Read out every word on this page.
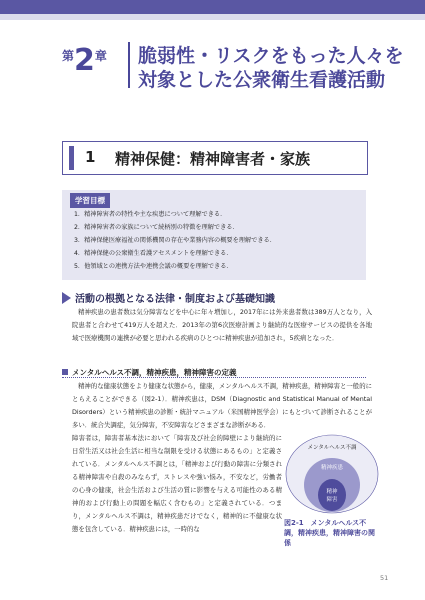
$^第2^章$ 脆弱性・リスクをもった人々を
対象とした公衆衛生看護活動
1 精神保健：精神障害者・家族
学習目標
1．精神障害者の特性や主な疾患について理解できる．
2．精神障害者の家族について続柄別の特徴を理解できる．
3．精神保健医療福祉の関係機関の存在や業務内容の概要を理解できる．
4．精神保健の公衆衛生看護アセスメントを理解できる．
5．他領域との連携方法や連携会議の概要を理解できる．
活動の根拠となる法律・制度および基礎知識
精神疾患の患者数は気分障害などを中心に年々増加し，2017年には外来患者数は389万人となり，入院患者と合わせて419万人を超えた．2013年の第6次医療計画より継続的な医療サービスの提供を各地域で医療機関の連携が必要と思われる疾病のひとつに精神疾患が追加され，5疾病となった．
メンタルヘルス不調，精神疾患，精神障害の定義
精神的な健康状態をより健康な状態から，健康，メンタルヘルス不調，精神疾患，精神障害と一般的にとらえることができる（図2-1）．精神疾患は，DSM（Diagnostic and Statistical Manual of Mental Disorders）という精神疾患の診断・統計マニュアル（米国精神医学会）にもとづいて診断されることが多い．統合失調症，気分障害，不安障害などさまざまな診断がある．
障害者は，障害者基本法において「障害及び社会的障壁により継続的に日常生活又は社会生活に相当な制限を受ける状態にあるもの」と定義されている．メンタルヘルス不調とは，「精神および行動の障害に分類される精神障害や自殺のみならず，ストレスや強い悩み，不安など，労働者の心身の健康，社会生活および生活の質に影響を与える可能性のある精神的および行動上の問題を幅広く含むもの」と定義されている．つまり，メンタルヘルス不調は，精神疾患だけでなく，精神的に不健康な状態を包含している．精神疾患には，一時的な
メンタルヘルス不調
精神疾患
精神
障害
図2-1　メンタルヘルス不調，精神疾患，精神障害の関係
51
